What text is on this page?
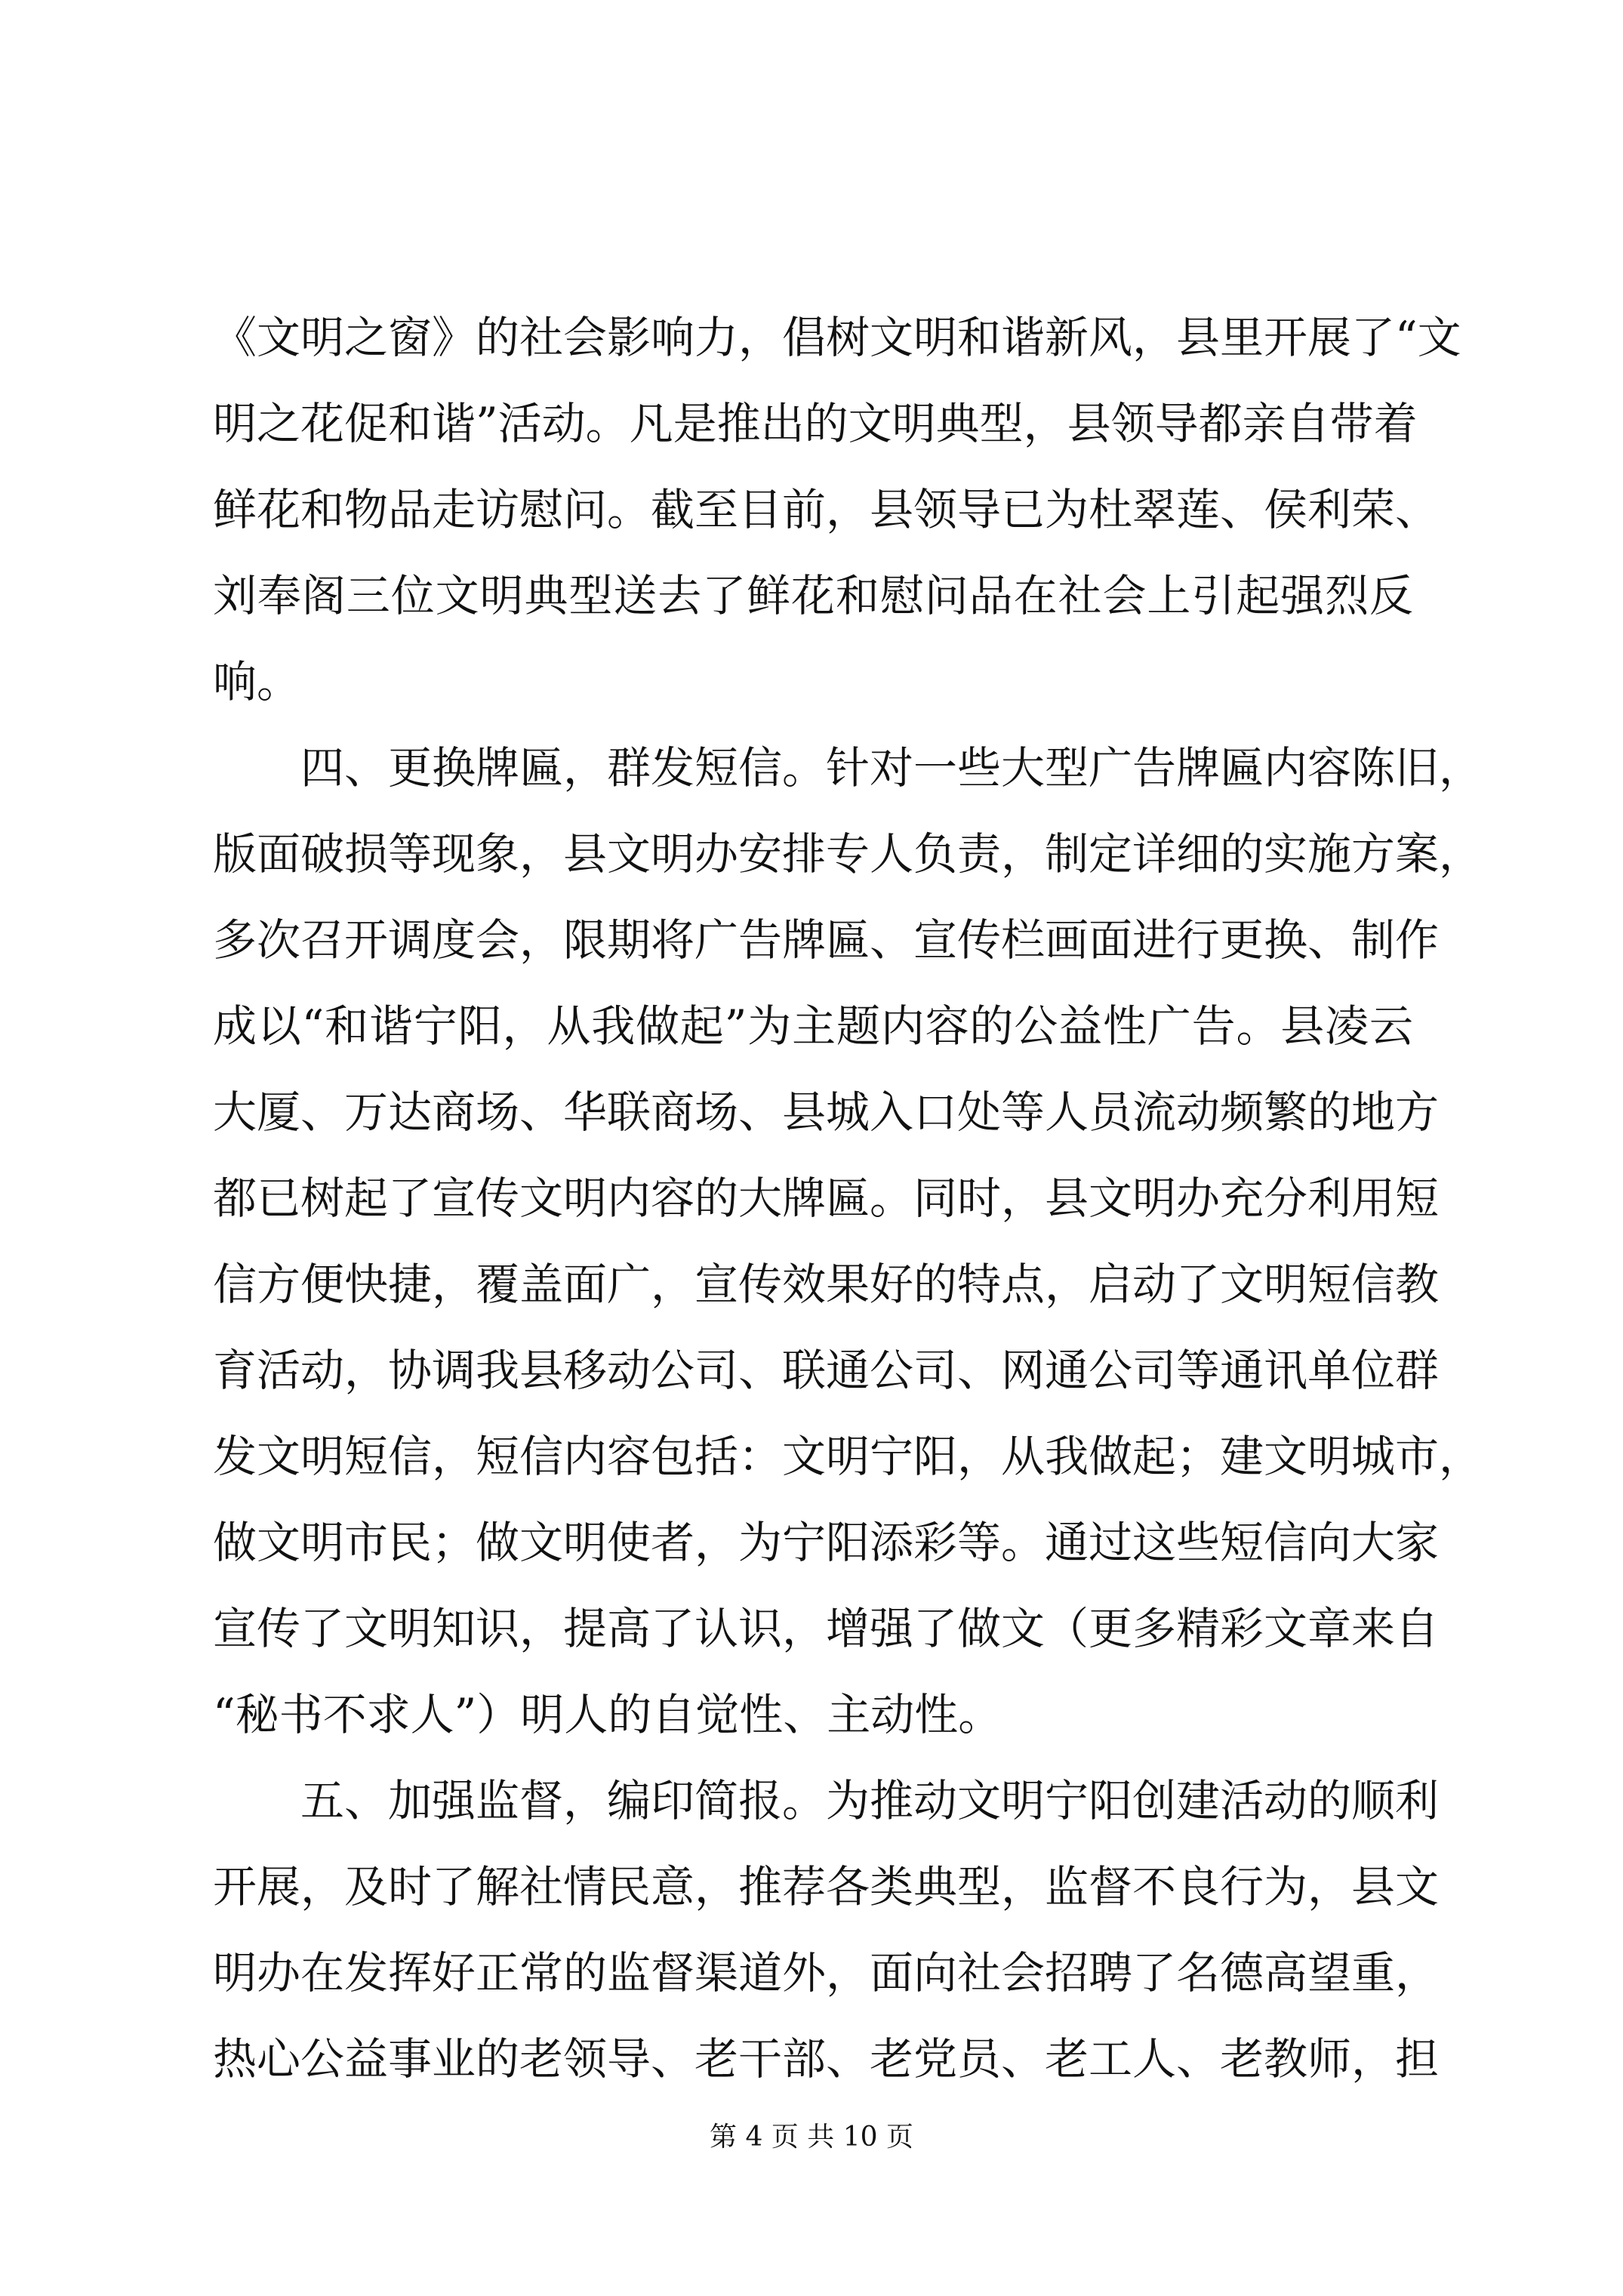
《文明之窗》的社会影响力，倡树文明和谐新风，县里开展了“文
明之花促和谐”活动。凡是推出的文明典型，县领导都亲自带着
鲜花和物品走访慰问。截至目前，县领导已为杜翠莲、侯利荣、
刘奉阁三位文明典型送去了鲜花和慰问品在社会上引起强烈反
响。
四、更换牌匾，群发短信。针对一些大型广告牌匾内容陈旧，
版面破损等现象，县文明办安排专人负责，制定详细的实施方案，
多次召开调度会，限期将广告牌匾、宣传栏画面进行更换、制作
成以“和谐宁阳，从我做起”为主题内容的公益性广告。县凌云
大厦、万达商场、华联商场、县城入口处等人员流动频繁的地方
都已树起了宣传文明内容的大牌匾。同时，县文明办充分利用短
信方便快捷，覆盖面广，宣传效果好的特点，启动了文明短信教
育活动，协调我县移动公司、联通公司、网通公司等通讯单位群
发文明短信，短信内容包括：文明宁阳，从我做起；建文明城市，
做文明市民；做文明使者，为宁阳添彩等。通过这些短信向大家
宣传了文明知识，提高了认识，增强了做文（更多精彩文章来自
“秘书不求人”）明人的自觉性、主动性。
五、加强监督，编印简报。为推动文明宁阳创建活动的顺利
开展，及时了解社情民意，推荐各类典型，监督不良行为，县文
明办在发挥好正常的监督渠道外，面向社会招聘了名德高望重，
热心公益事业的老领导、老干部、老党员、老工人、老教师，担
第 4 页 共 10 页
